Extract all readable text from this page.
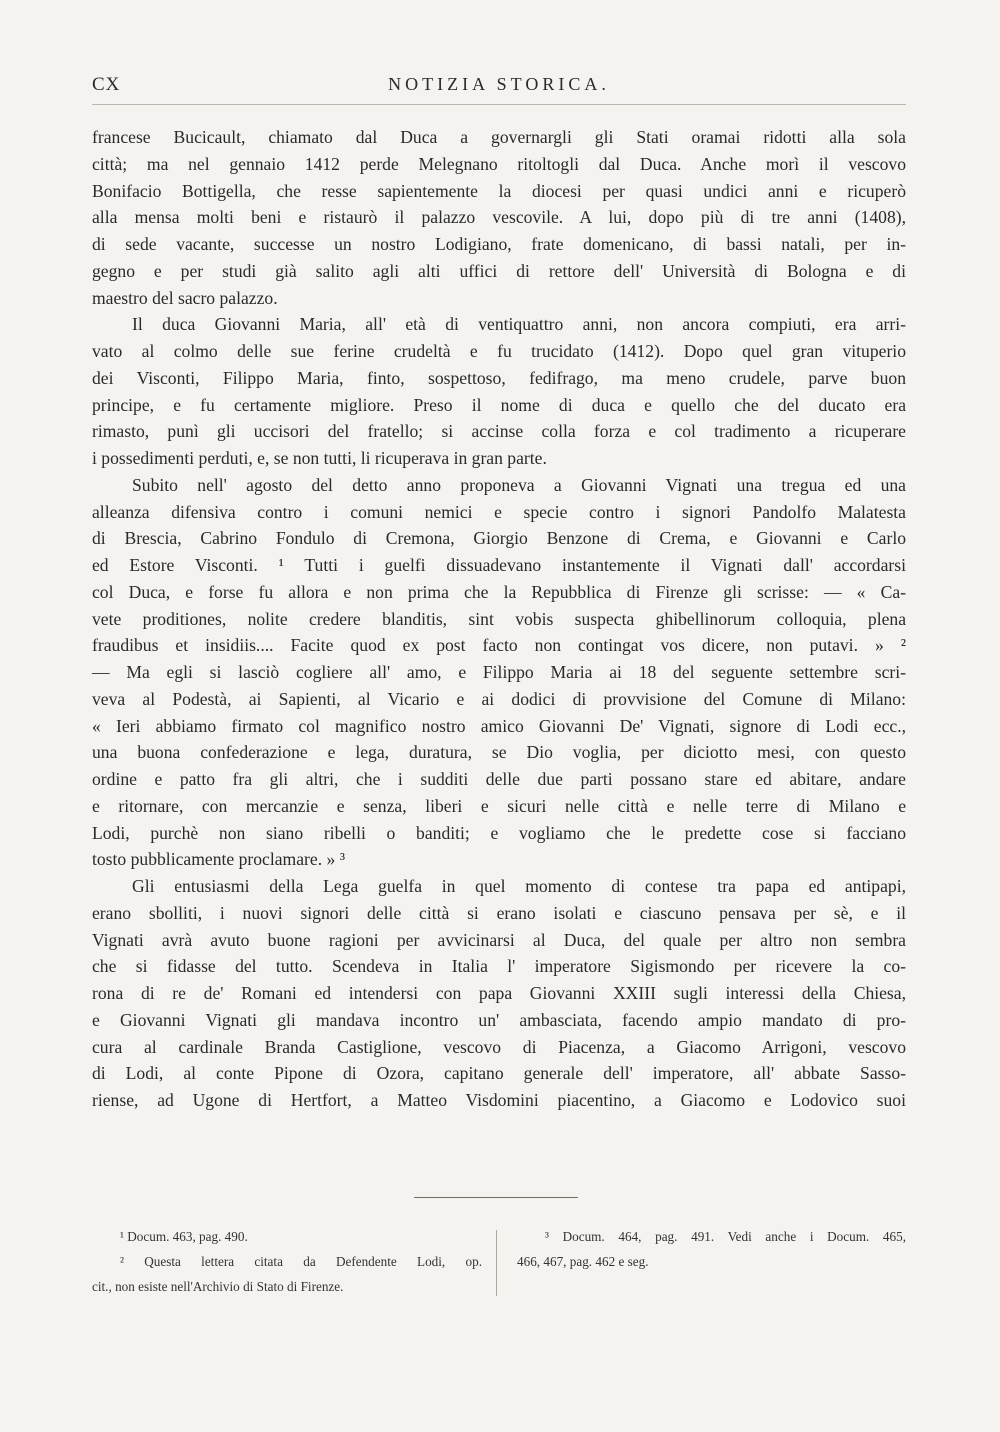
CX	NOTIZIA STORICA.
francese Bucicault, chiamato dal Duca a governargli gli Stati oramai ridotti alla sola
città; ma nel gennaio 1412 perde Melegnano ritoltogli dal Duca. Anche morì il vescovo
Bonifacio Bottigella, che resse sapientemente la diocesi per quasi undici anni e ricuperò
alla mensa molti beni e ristaurò il palazzo vescovile. A lui, dopo più di tre anni (1408),
di sede vacante, successe un nostro Lodigiano, frate domenicano, di bassi natali, per in-
gegno e per studi già salito agli alti uffici di rettore dell' Università di Bologna e di
maestro del sacro palazzo.
Il duca Giovanni Maria, all' età di ventiquattro anni, non ancora compiuti, era arri-
vato al colmo delle sue ferine crudeltà e fu trucidato (1412). Dopo quel gran vituperio
dei Visconti, Filippo Maria, finto, sospettoso, fedifrago, ma meno crudele, parve buon
principe, e fu certamente migliore. Preso il nome di duca e quello che del ducato era
rimasto, punì gli uccisori del fratello; si accinse colla forza e col tradimento a ricuperare
i possedimenti perduti, e, se non tutti, li ricuperava in gran parte.
Subito nell' agosto del detto anno proponeva a Giovanni Vignati una tregua ed una
alleanza difensiva contro i comuni nemici e specie contro i signori Pandolfo Malatesta
di Brescia, Cabrino Fondulo di Cremona, Giorgio Benzone di Crema, e Giovanni e Carlo
ed Estore Visconti. ¹ Tutti i guelfi dissuadevano instantemente il Vignati dall' accordarsi
col Duca, e forse fu allora e non prima che la Repubblica di Firenze gli scrisse: — « Ca-
vete proditiones, nolite credere blanditis, sint vobis suspecta ghibellinorum colloquia, plena
fraudibus et insidiis.... Facite quod ex post facto non contingat vos dicere, non putavi. » ²
— Ma egli si lasciò cogliere all' amo, e Filippo Maria ai 18 del seguente settembre scri-
veva al Podestà, ai Sapienti, al Vicario e ai dodici di provvisione del Comune di Milano:
« Ieri abbiamo firmato col magnifico nostro amico Giovanni De' Vignati, signore di Lodi ecc.,
una buona confederazione e lega, duratura, se Dio voglia, per diciotto mesi, con questo
ordine e patto fra gli altri, che i sudditi delle due parti possano stare ed abitare, andare
e ritornare, con mercanzie e senza, liberi e sicuri nelle città e nelle terre di Milano e
Lodi, purchè non siano ribelli o banditi; e vogliamo che le predette cose si facciano
tosto pubblicamente proclamare. » ³
Gli entusiasmi della Lega guelfa in quel momento di contese tra papa ed antipapi,
erano sbolliti, i nuovi signori delle città si erano isolati e ciascuno pensava per sè, e il
Vignati avrà avuto buone ragioni per avvicinarsi al Duca, del quale per altro non sembra
che si fidasse del tutto. Scendeva in Italia l' imperatore Sigismondo per ricevere la co-
rona di re de' Romani ed intendersi con papa Giovanni XXIII sugli interessi della Chiesa,
e Giovanni Vignati gli mandava incontro un' ambasciata, facendo ampio mandato di pro-
cura al cardinale Branda Castiglione, vescovo di Piacenza, a Giacomo Arrigoni, vescovo
di Lodi, al conte Pipone di Ozora, capitano generale dell' imperatore, all' abbate Sasso-
riense, ad Ugone di Hertfort, a Matteo Visdomini piacentino, a Giacomo e Lodovico suoi
¹ Docum. 463, pag. 490.
² Questa lettera citata da Defendente Lodi, op.
cit., non esiste nell'Archivio di Stato di Firenze.
³ Docum. 464, pag. 491. Vedi anche i Docum. 465,
466, 467, pag. 462 e seg.
